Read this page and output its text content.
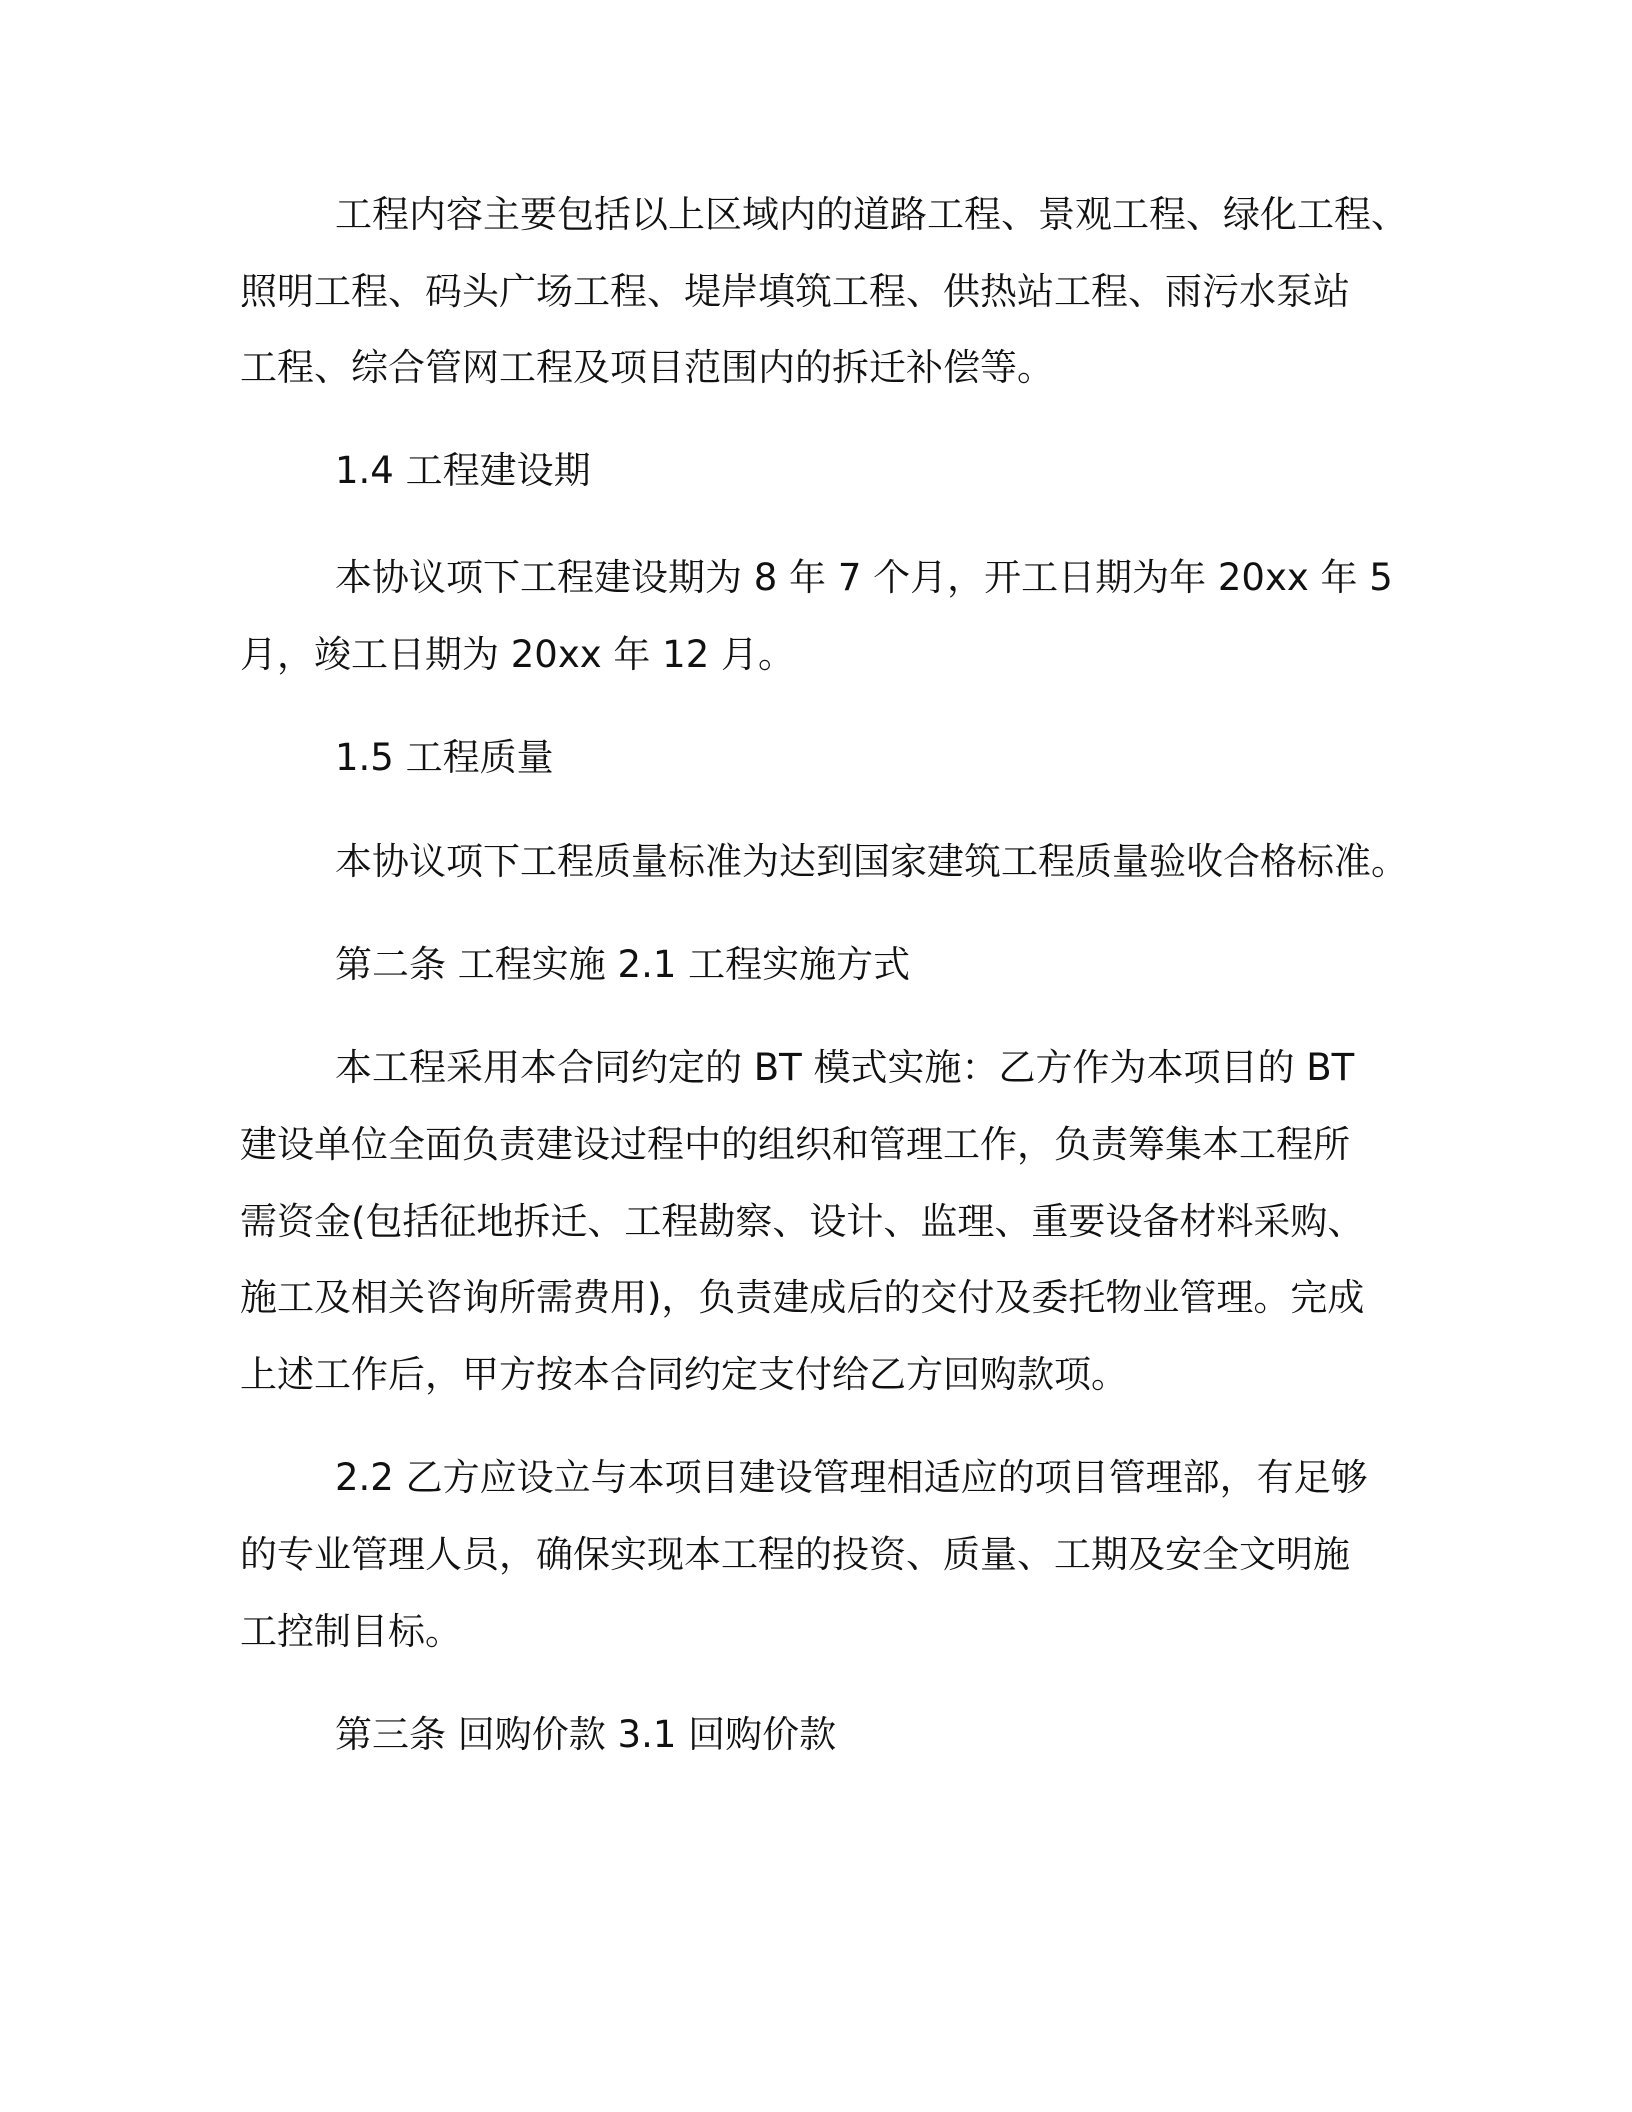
工程内容主要包括以上区域内的道路工程、景观工程、绿化工程、

照明工程、码头广场工程、堤岸填筑工程、供热站工程、雨污水泵站

工程、综合管网工程及项目范围内的拆迁补偿等。

1.4 工程建设期

本协议项下工程建设期为 8 年 7 个月，开工日期为年 20xx 年 5

月，竣工日期为 20xx 年 12 月。

1.5 工程质量

本协议项下工程质量标准为达到国家建筑工程质量验收合格标准。

第二条 工程实施 2.1 工程实施方式

本工程采用本合同约定的 BT 模式实施：乙方作为本项目的 BT

建设单位全面负责建设过程中的组织和管理工作，负责筹集本工程所

需资金(包括征地拆迁、工程勘察、设计、监理、重要设备材料采购、

施工及相关咨询所需费用)，负责建成后的交付及委托物业管理。完成

上述工作后，甲方按本合同约定支付给乙方回购款项。

2.2 乙方应设立与本项目建设管理相适应的项目管理部，有足够

的专业管理人员，确保实现本工程的投资、质量、工期及安全文明施

工控制目标。

第三条 回购价款 3.1 回购价款
